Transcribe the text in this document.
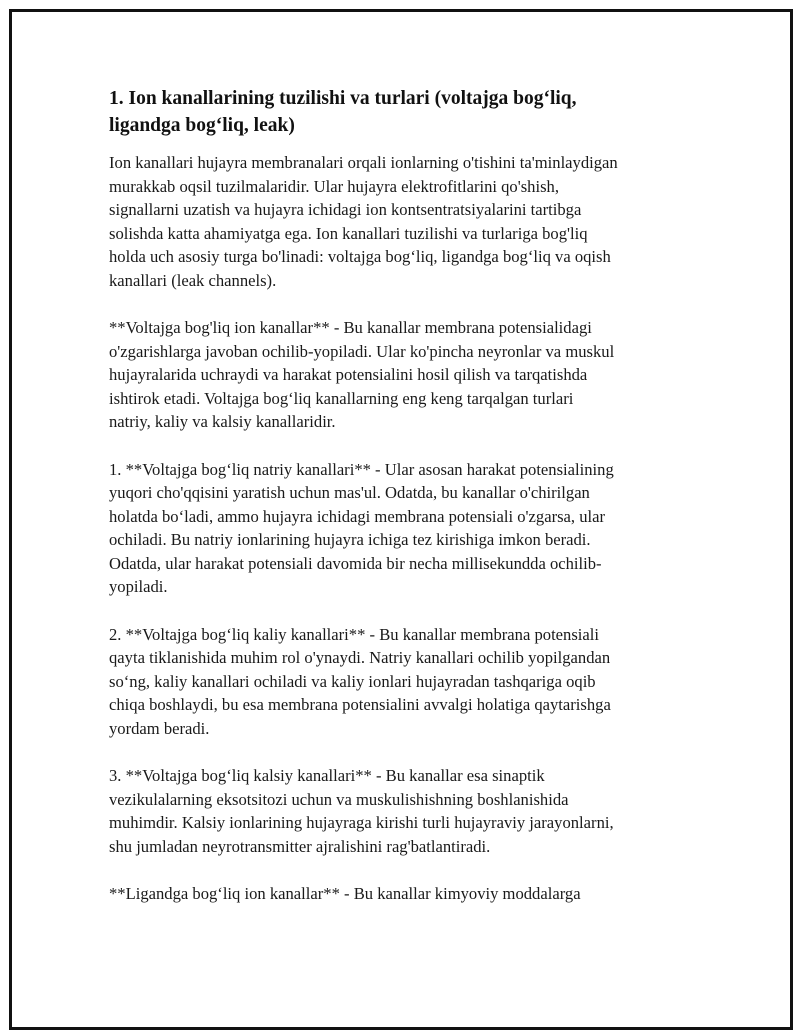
1. Ion kanallarining tuzilishi va turlari (voltajga bog‘liq,
ligandga bog‘liq, leak)

Ion kanallari hujayra membranalari orqali ionlarning o'tishini ta'minlaydigan
murakkab oqsil tuzilmalaridir. Ular hujayra elektrofitlarini qo'shish,
signallarni uzatish va hujayra ichidagi ion kontsentratsiyalarini tartibga
solishda katta ahamiyatga ega. Ion kanallari tuzilishi va turlariga bog'liq
holda uch asosiy turga bo'linadi: voltajga bog‘liq, ligandga bog‘liq va oqish
kanallari (leak channels).

**Voltajga bog'liq ion kanallar** - Bu kanallar membrana potensialidagi
o'zgarishlarga javoban ochilib-yopiladi. Ular ko'pincha neyronlar va muskul
hujayralarida uchraydi va harakat potensialini hosil qilish va tarqatishda
ishtirok etadi. Voltajga bog‘liq kanallarning eng keng tarqalgan turlari
natriy, kaliy va kalsiy kanallaridir.

1. **Voltajga bog‘liq natriy kanallari** - Ular asosan harakat potensialining
yuqori cho'qqisini yaratish uchun mas'ul. Odatda, bu kanallar o'chirilgan
holatda bo‘ladi, ammo hujayra ichidagi membrana potensiali o'zgarsa, ular
ochiladi. Bu natriy ionlarining hujayra ichiga tez kirishiga imkon beradi.
Odatda, ular harakat potensiali davomida bir necha millisekundda ochilib-
yopiladi.

2. **Voltajga bog‘liq kaliy kanallari** - Bu kanallar membrana potensiali
qayta tiklanishida muhim rol o'ynaydi. Natriy kanallari ochilib yopilgandan
so‘ng, kaliy kanallari ochiladi va kaliy ionlari hujayradan tashqariga oqib
chiqa boshlaydi, bu esa membrana potensialini avvalgi holatiga qaytarishga
yordam beradi.

3. **Voltajga bog‘liq kalsiy kanallari** - Bu kanallar esa sinaptik
vezikulalarning eksotsitozi uchun va muskulishishning boshlanishida
muhimdir. Kalsiy ionlarining hujayraga kirishi turli hujayraviy jarayonlarni,
shu jumladan neyrotransmitter ajralishini rag'batlantiradi.

**Ligandga bog‘liq ion kanallar** - Bu kanallar kimyoviy moddalarga
